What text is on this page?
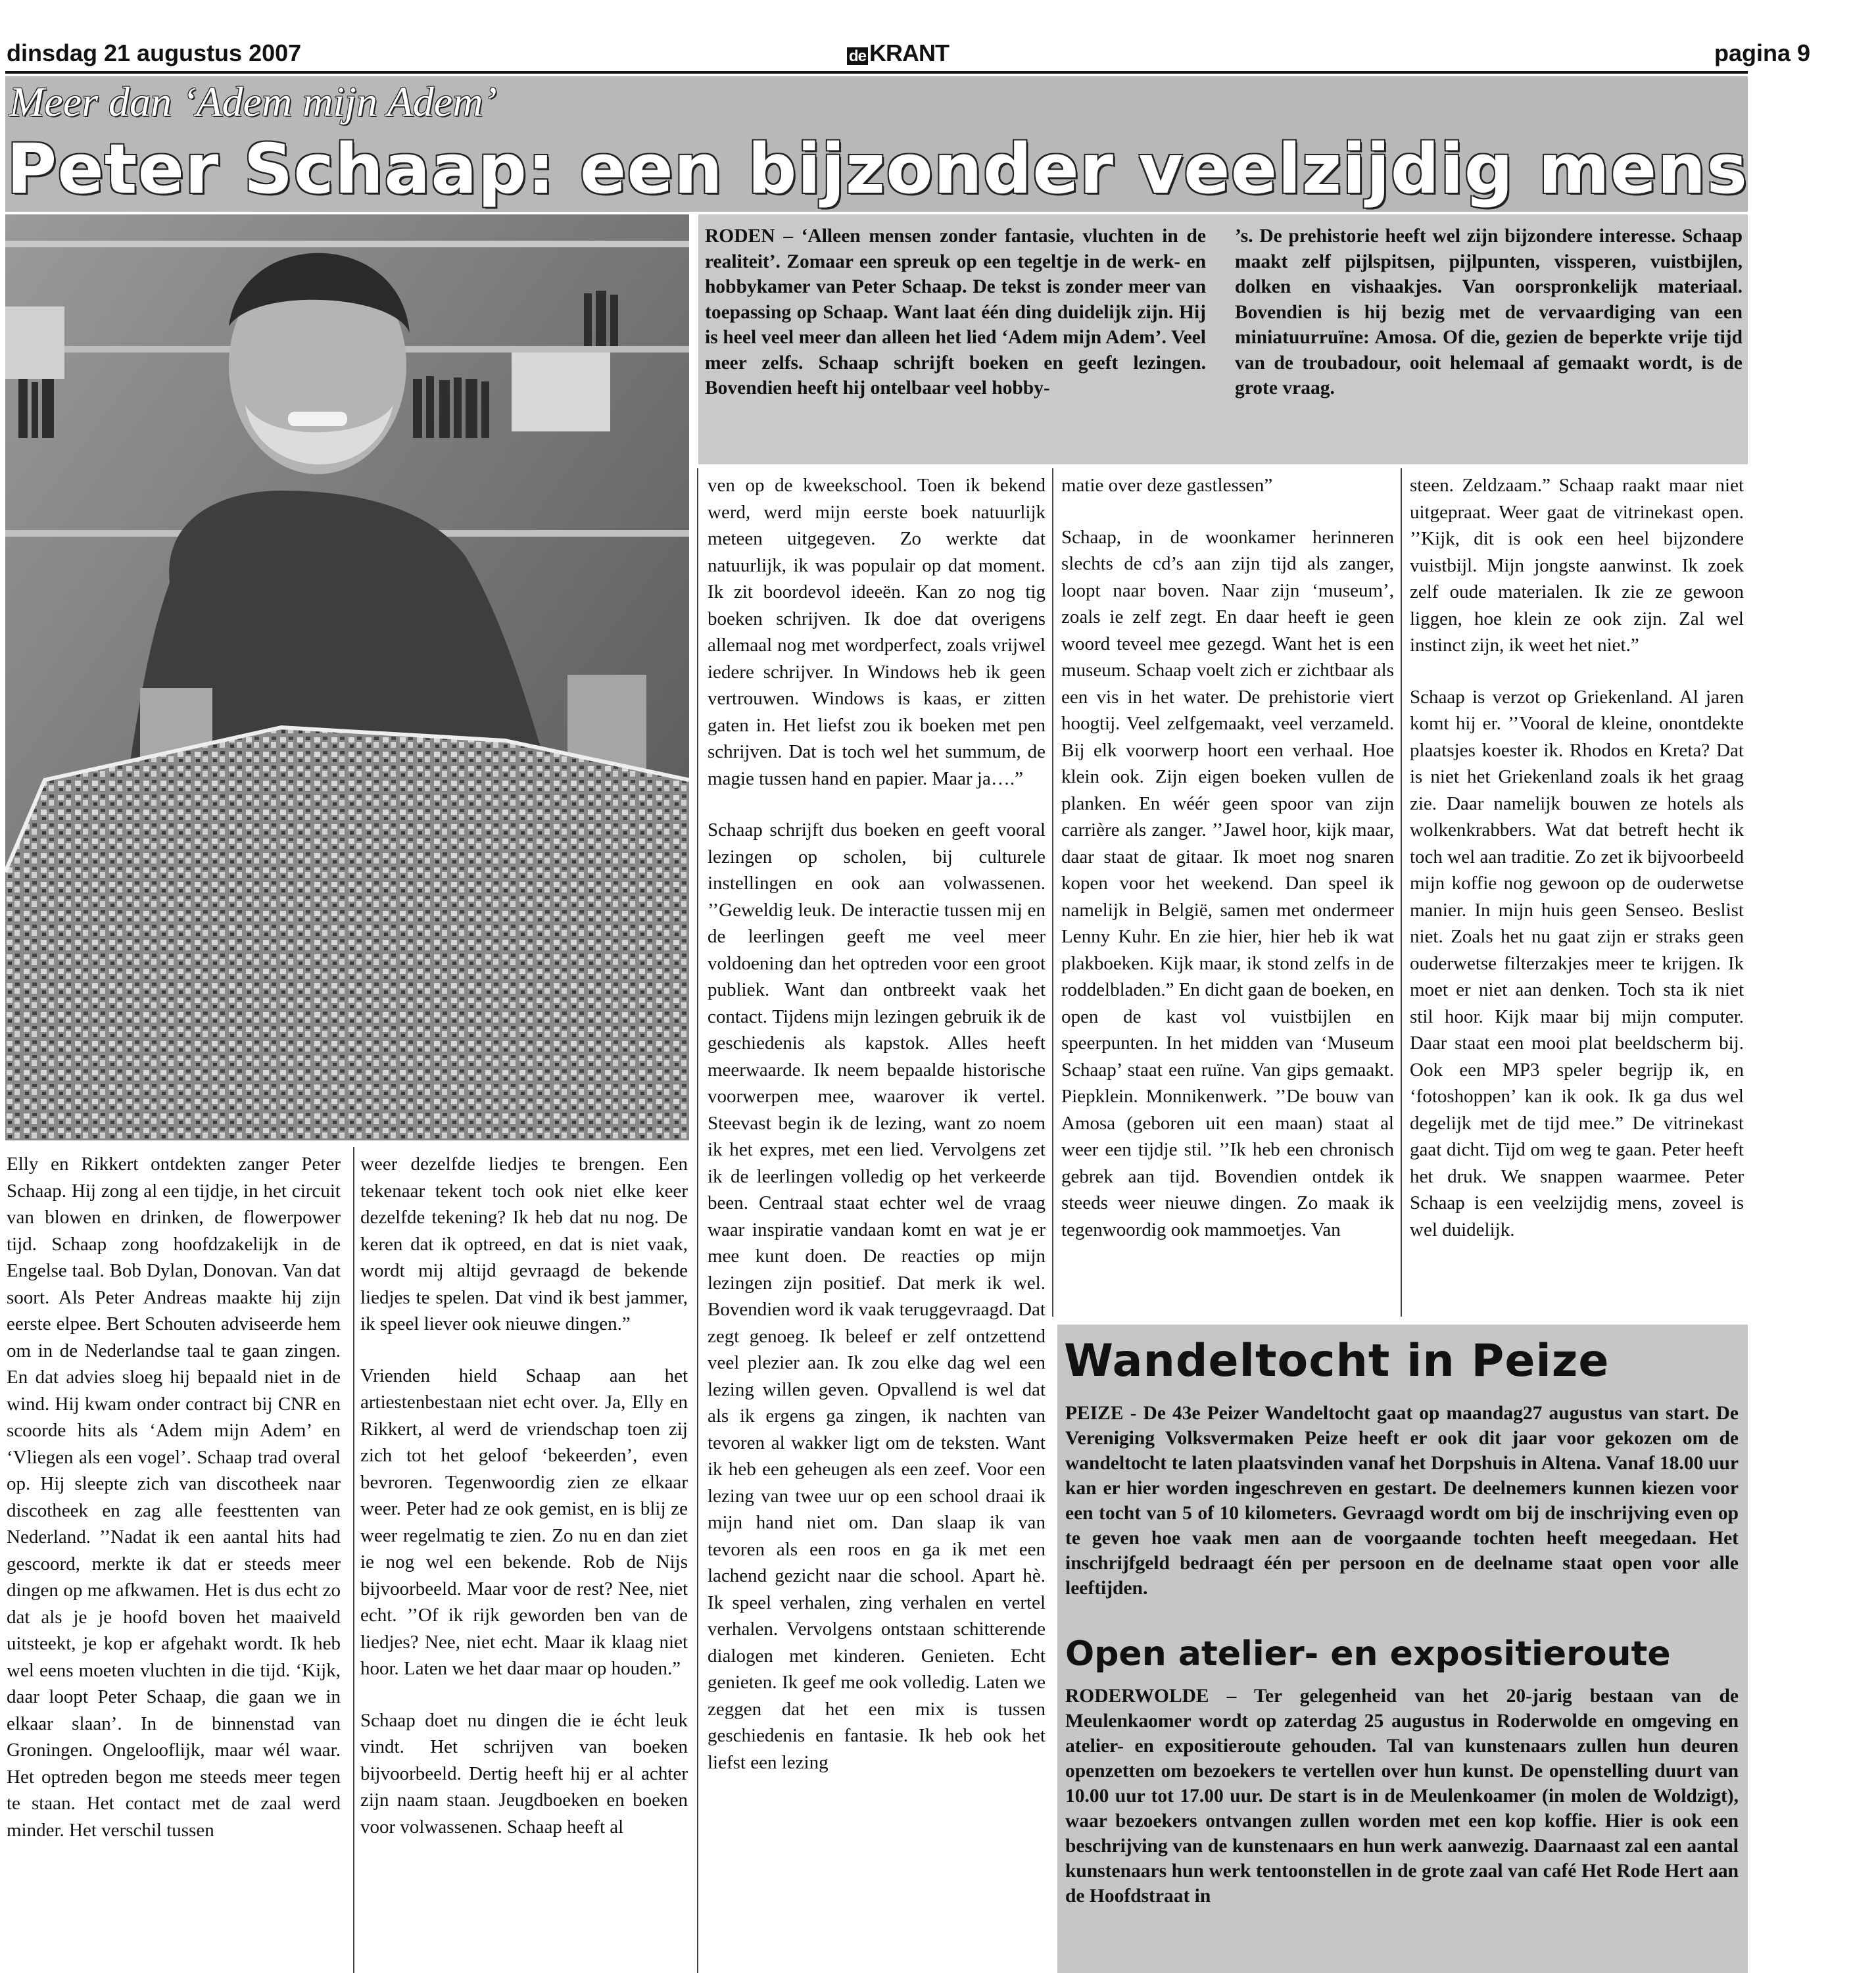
dinsdag 21 augustus 2007	de KRANT	pagina 9
Meer dan ‘Adem mijn Adem’
Peter Schaap: een bijzonder veelzijdig mens
RODEN – ‘Alleen mensen zonder fantasie, vluchten in de realiteit’. Zomaar een spreuk op een tegeltje in de werk- en hobbykamer van Peter Schaap. De tekst is zonder meer van toepassing op Schaap. Want laat één ding duidelijk zijn. Hij is heel veel meer dan alleen het lied ‘Adem mijn Adem’. Veel meer zelfs. Schaap schrijft boeken en geeft lezingen. Bovendien heeft hij ontelbaar veel hobby-
’s. De prehistorie heeft wel zijn bijzondere interesse. Schaap maakt zelf pijlspitsen, pijlpunten, vissperen, vuistbijlen, dolken en vishaakjes. Van oorspronkelijk materiaal. Bovendien is hij bezig met de vervaardiging van een miniatuurruïne: Amosa. Of die, gezien de beperkte vrije tijd van de troubadour, ooit helemaal af gemaakt wordt, is de grote vraag.

Elly en Rikkert ontdekten zanger Peter Schaap. Hij zong al een tijdje, in het circuit van blowen en drinken, de flowerpower tijd. Schaap zong hoofdzakelijk in de Engelse taal. Bob Dylan, Donovan. Van dat soort. Als Peter Andreas maakte hij zijn eerste elpee. Bert Schouten adviseerde hem om in de Nederlandse taal te gaan zingen. En dat advies sloeg hij bepaald niet in de wind. Hij kwam onder contract bij CNR en scoorde hits als ‘Adem mijn Adem’ en ‘Vliegen als een vogel’. Schaap trad overal op. Hij sleepte zich van discotheek naar discotheek en zag alle feesttenten van Nederland. ’’Nadat ik een aantal hits had gescoord, merkte ik dat er steeds meer dingen op me afkwamen. Het is dus echt zo dat als je je hoofd boven het maaiveld uitsteekt, je kop er afgehakt wordt. Ik heb wel eens moeten vluchten in die tijd. ‘Kijk, daar loopt Peter Schaap, die gaan we in elkaar slaan’. In de binnenstad van Groningen. Ongelooflijk, maar wél waar. Het optreden begon me steeds meer tegen te staan. Het contact met de zaal werd minder. Het verschil tussen

weer dezelfde liedjes te brengen. Een tekenaar tekent toch ook niet elke keer dezelfde tekening? Ik heb dat nu nog. De keren dat ik optreed, en dat is niet vaak, wordt mij altijd gevraagd de bekende liedjes te spelen. Dat vind ik best jammer, ik speel liever ook nieuwe dingen.”

Vrienden hield Schaap aan het artiestenbestaan niet echt over. Ja, Elly en Rikkert, al werd de vriendschap toen zij zich tot het geloof ‘bekeerden’, even bevroren. Tegenwoordig zien ze elkaar weer. Peter had ze ook gemist, en is blij ze weer regelmatig te zien. Zo nu en dan ziet ie nog wel een bekende. Rob de Nijs bijvoorbeeld. Maar voor de rest? Nee, niet echt. ’’Of ik rijk geworden ben van de liedjes? Nee, niet echt. Maar ik klaag niet hoor. Laten we het daar maar op houden.”

Schaap doet nu dingen die ie écht leuk vindt. Het schrijven van boeken bijvoorbeeld. Dertig heeft hij er al achter zijn naam staan. Jeugdboeken en boeken voor volwassenen. Schaap heeft al

ven op de kweekschool. Toen ik bekend werd, werd mijn eerste boek natuurlijk meteen uitgegeven. Zo werkte dat natuurlijk, ik was populair op dat moment. Ik zit boordevol ideeën. Kan zo nog tig boeken schrijven. Ik doe dat overigens allemaal nog met wordperfect, zoals vrijwel iedere schrijver. In Windows heb ik geen vertrouwen. Windows is kaas, er zitten gaten in. Het liefst zou ik boeken met pen schrijven. Dat is toch wel het summum, de magie tussen hand en papier. Maar ja….”

Schaap schrijft dus boeken en geeft vooral lezingen op scholen, bij culturele instellingen en ook aan volwassenen. ’’Geweldig leuk. De interactie tussen mij en de leerlingen geeft me veel meer voldoening dan het optreden voor een groot publiek. Want dan ontbreekt vaak het contact. Tijdens mijn lezingen gebruik ik de geschiedenis als kapstok. Alles heeft meerwaarde. Ik neem bepaalde historische voorwerpen mee, waarover ik vertel. Steevast begin ik de lezing, want zo noem ik het expres, met een lied. Vervolgens zet ik de leerlingen volledig op het verkeerde been. Centraal staat echter wel de vraag waar inspiratie vandaan komt en wat je er mee kunt doen. De reacties op mijn lezingen zijn positief. Dat merk ik wel. Bovendien word ik vaak teruggevraagd. Dat zegt genoeg. Ik beleef er zelf ontzettend veel plezier aan. Ik zou elke dag wel een lezing willen geven. Opvallend is wel dat als ik ergens ga zingen, ik nachten van tevoren al wakker ligt om de teksten. Want ik heb een geheugen als een zeef. Voor een lezing van twee uur op een school draai ik mijn hand niet om. Dan slaap ik van tevoren als een roos en ga ik met een lachend gezicht naar die school. Apart hè. Ik speel verhalen, zing verhalen en vertel verhalen. Vervolgens ontstaan schitterende dialogen met kinderen. Genieten. Echt genieten. Ik geef me ook volledig. Laten we zeggen dat het een mix is tussen geschiedenis en fantasie. Ik heb ook het liefst een lezing

matie over deze gastlessen”

Schaap, in de woonkamer herinneren slechts de cd’s aan zijn tijd als zanger, loopt naar boven. Naar zijn ‘museum’, zoals ie zelf zegt. En daar heeft ie geen woord teveel mee gezegd. Want het is een museum. Schaap voelt zich er zichtbaar als een vis in het water. De prehistorie viert hoogtij. Veel zelfgemaakt, veel verzameld. Bij elk voorwerp hoort een verhaal. Hoe klein ook. Zijn eigen boeken vullen de planken. En wéér geen spoor van zijn carrière als zanger. ’’Jawel hoor, kijk maar, daar staat de gitaar. Ik moet nog snaren kopen voor het weekend. Dan speel ik namelijk in België, samen met ondermeer Lenny Kuhr. En zie hier, hier heb ik wat plakboeken. Kijk maar, ik stond zelfs in de roddelbladen.” En dicht gaan de boeken, en open de kast vol vuistbijlen en speerpunten. In het midden van ‘Museum Schaap’ staat een ruïne. Van gips gemaakt. Piepklein. Monnikenwerk. ’’De bouw van Amosa (geboren uit een maan) staat al weer een tijdje stil. ’’Ik heb een chronisch gebrek aan tijd. Bovendien ontdek ik steeds weer nieuwe dingen. Zo maak ik tegenwoordig ook mammoetjes. Van

steen. Zeldzaam.” Schaap raakt maar niet uitgepraat. Weer gaat de vitrinekast open. ’’Kijk, dit is ook een heel bijzondere vuistbijl. Mijn jongste aanwinst. Ik zoek zelf oude materialen. Ik zie ze gewoon liggen, hoe klein ze ook zijn. Zal wel instinct zijn, ik weet het niet.”

Schaap is verzot op Griekenland. Al jaren komt hij er. ’’Vooral de kleine, onontdekte plaatsjes koester ik. Rhodos en Kreta? Dat is niet het Griekenland zoals ik het graag zie. Daar namelijk bouwen ze hotels als wolkenkrabbers. Wat dat betreft hecht ik toch wel aan traditie. Zo zet ik bijvoorbeeld mijn koffie nog gewoon op de ouderwetse manier. In mijn huis geen Senseo. Beslist niet. Zoals het nu gaat zijn er straks geen ouderwetse filterzakjes meer te krijgen. Ik moet er niet aan denken. Toch sta ik niet stil hoor. Kijk maar bij mijn computer. Daar staat een mooi plat beeldscherm bij. Ook een MP3 speler begrijp ik, en ‘fotoshoppen’ kan ik ook. Ik ga dus wel degelijk met de tijd mee.” De vitrinekast gaat dicht. Tijd om weg te gaan. Peter heeft het druk. We snappen waarmee. Peter Schaap is een veelzijdig mens, zoveel is wel duidelijk.

Wandeltocht in Peize
PEIZE - De 43e Peizer Wandeltocht gaat op maandag27 augustus van start. De Vereniging Volksvermaken Peize heeft er ook dit jaar voor gekozen om de wandeltocht te laten plaatsvinden vanaf het Dorpshuis in Altena. Vanaf 18.00 uur kan er hier worden ingeschreven en gestart. De deelnemers kunnen kiezen voor een tocht van 5 of 10 kilometers. Gevraagd wordt om bij de inschrijving even op te geven hoe vaak men aan de voorgaande tochten heeft meegedaan. Het inschrijfgeld bedraagt één per persoon en de deelname staat open voor alle leeftijden.
Open atelier- en expositieroute
RODERWOLDE – Ter gelegenheid van het 20-jarig bestaan van de Meulenkaomer wordt op zaterdag 25 augustus in Roderwolde en omgeving en atelier- en expositieroute gehouden. Tal van kunstenaars zullen hun deuren openzetten om bezoekers te vertellen over hun kunst. De openstelling duurt van 10.00 uur tot 17.00 uur. De start is in de Meulenkoamer (in molen de Woldzigt), waar bezoekers ontvangen zullen worden met een kop koffie. Hier is ook een beschrijving van de kunstenaars en hun werk aanwezig. Daarnaast zal een aantal kunstenaars hun werk tentoonstellen in de grote zaal van café Het Rode Hert aan de Hoofdstraat in
